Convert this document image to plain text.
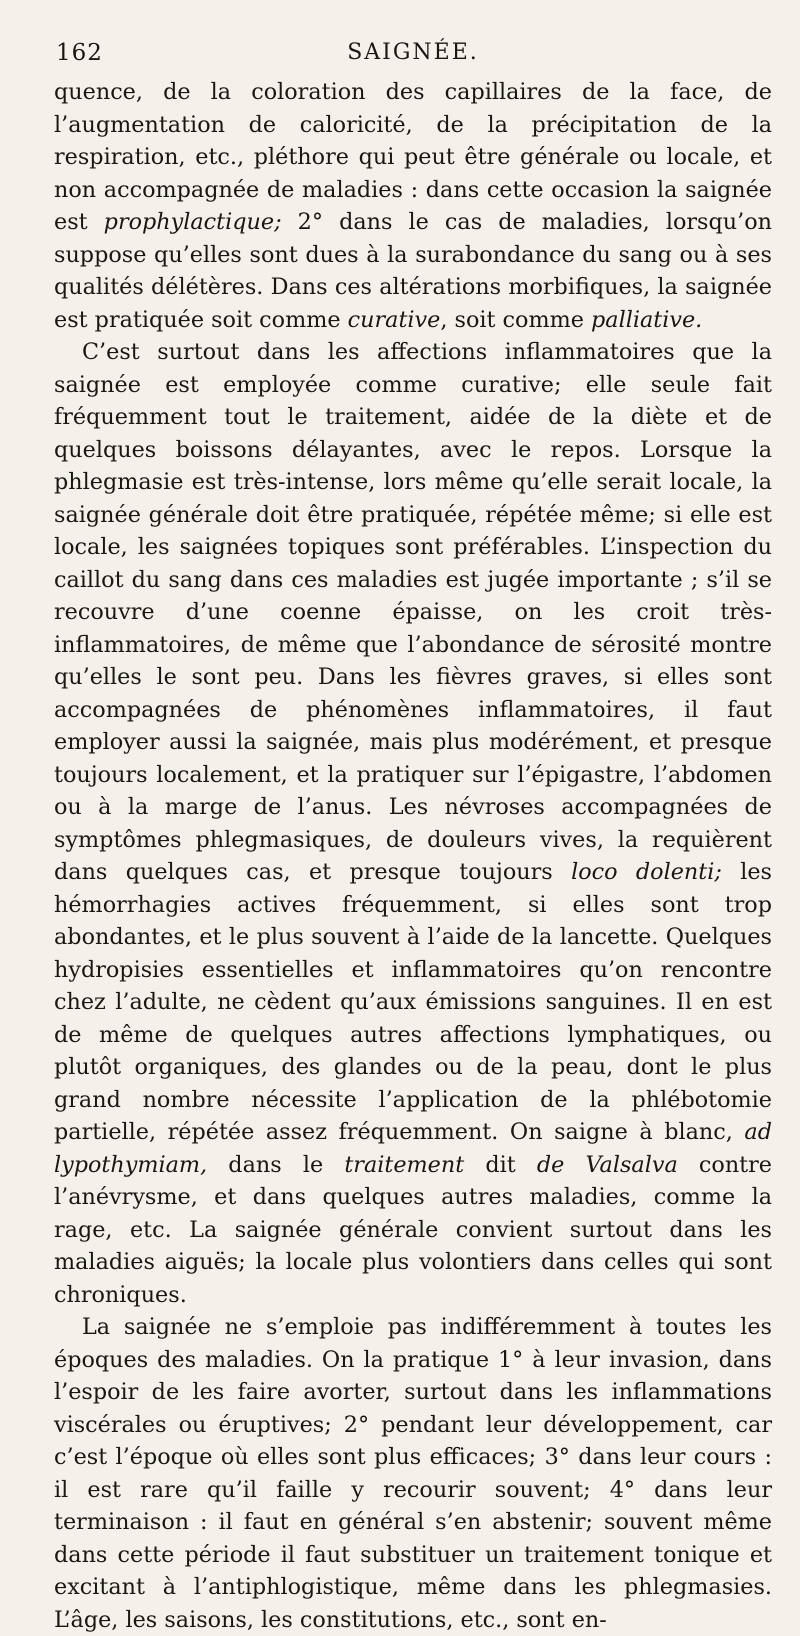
162	SAIGNÉE.

quence, de la coloration des capillaires de la face, de l’augmentation de caloricité, de la précipitation de la respiration, etc., pléthore qui peut être générale ou locale, et non accompagnée de maladies : dans cette occasion la saignée est prophylactique; 2° dans le cas de maladies, lorsqu’on suppose qu’elles sont dues à la surabondance du sang ou à ses qualités délétères. Dans ces altérations morbifiques, la saignée est pratiquée soit comme curative, soit comme palliative.

C’est surtout dans les affections inflammatoires que la saignée est employée comme curative; elle seule fait fréquemment tout le traitement, aidée de la diète et de quelques boissons délayantes, avec le repos. Lorsque la phlegmasie est très-intense, lors même qu’elle serait locale, la saignée générale doit être pratiquée, répétée même; si elle est locale, les saignées topiques sont préférables. L’inspection du caillot du sang dans ces maladies est jugée importante ; s’il se recouvre d’une coenne épaisse, on les croit très-inflammatoires, de même que l’abondance de sérosité montre qu’elles le sont peu. Dans les fièvres graves, si elles sont accompagnées de phénomènes inflammatoires, il faut employer aussi la saignée, mais plus modérément, et presque toujours localement, et la pratiquer sur l’épigastre, l’abdomen ou à la marge de l’anus. Les névroses accompagnées de symptômes phlegmasiques, de douleurs vives, la requièrent dans quelques cas, et presque toujours loco dolenti; les hémorrhagies actives fréquemment, si elles sont trop abondantes, et le plus souvent à l’aide de la lancette. Quelques hydropisies essentielles et inflammatoires qu’on rencontre chez l’adulte, ne cèdent qu’aux émissions sanguines. Il en est de même de quelques autres affections lymphatiques, ou plutôt organiques, des glandes ou de la peau, dont le plus grand nombre nécessite l’application de la phlébotomie partielle, répétée assez fréquemment. On saigne à blanc, ad lypothymiam, dans le traitement dit de Valsalva contre l’anévrysme, et dans quelques autres maladies, comme la rage, etc. La saignée générale convient surtout dans les maladies aiguës; la locale plus volontiers dans celles qui sont chroniques.

La saignée ne s’emploie pas indifféremment à toutes les époques des maladies. On la pratique 1° à leur invasion, dans l’espoir de les faire avorter, surtout dans les inflammations viscérales ou éruptives; 2° pendant leur développement, car c’est l’époque où elles sont plus efficaces; 3° dans leur cours : il est rare qu’il faille y recourir souvent; 4° dans leur terminaison : il faut en général s’en abstenir; souvent même dans cette période il faut substituer un traitement tonique et excitant à l’antiphlogistique, même dans les phlegmasies. L’âge, les saisons, les constitutions, etc., sont en-
